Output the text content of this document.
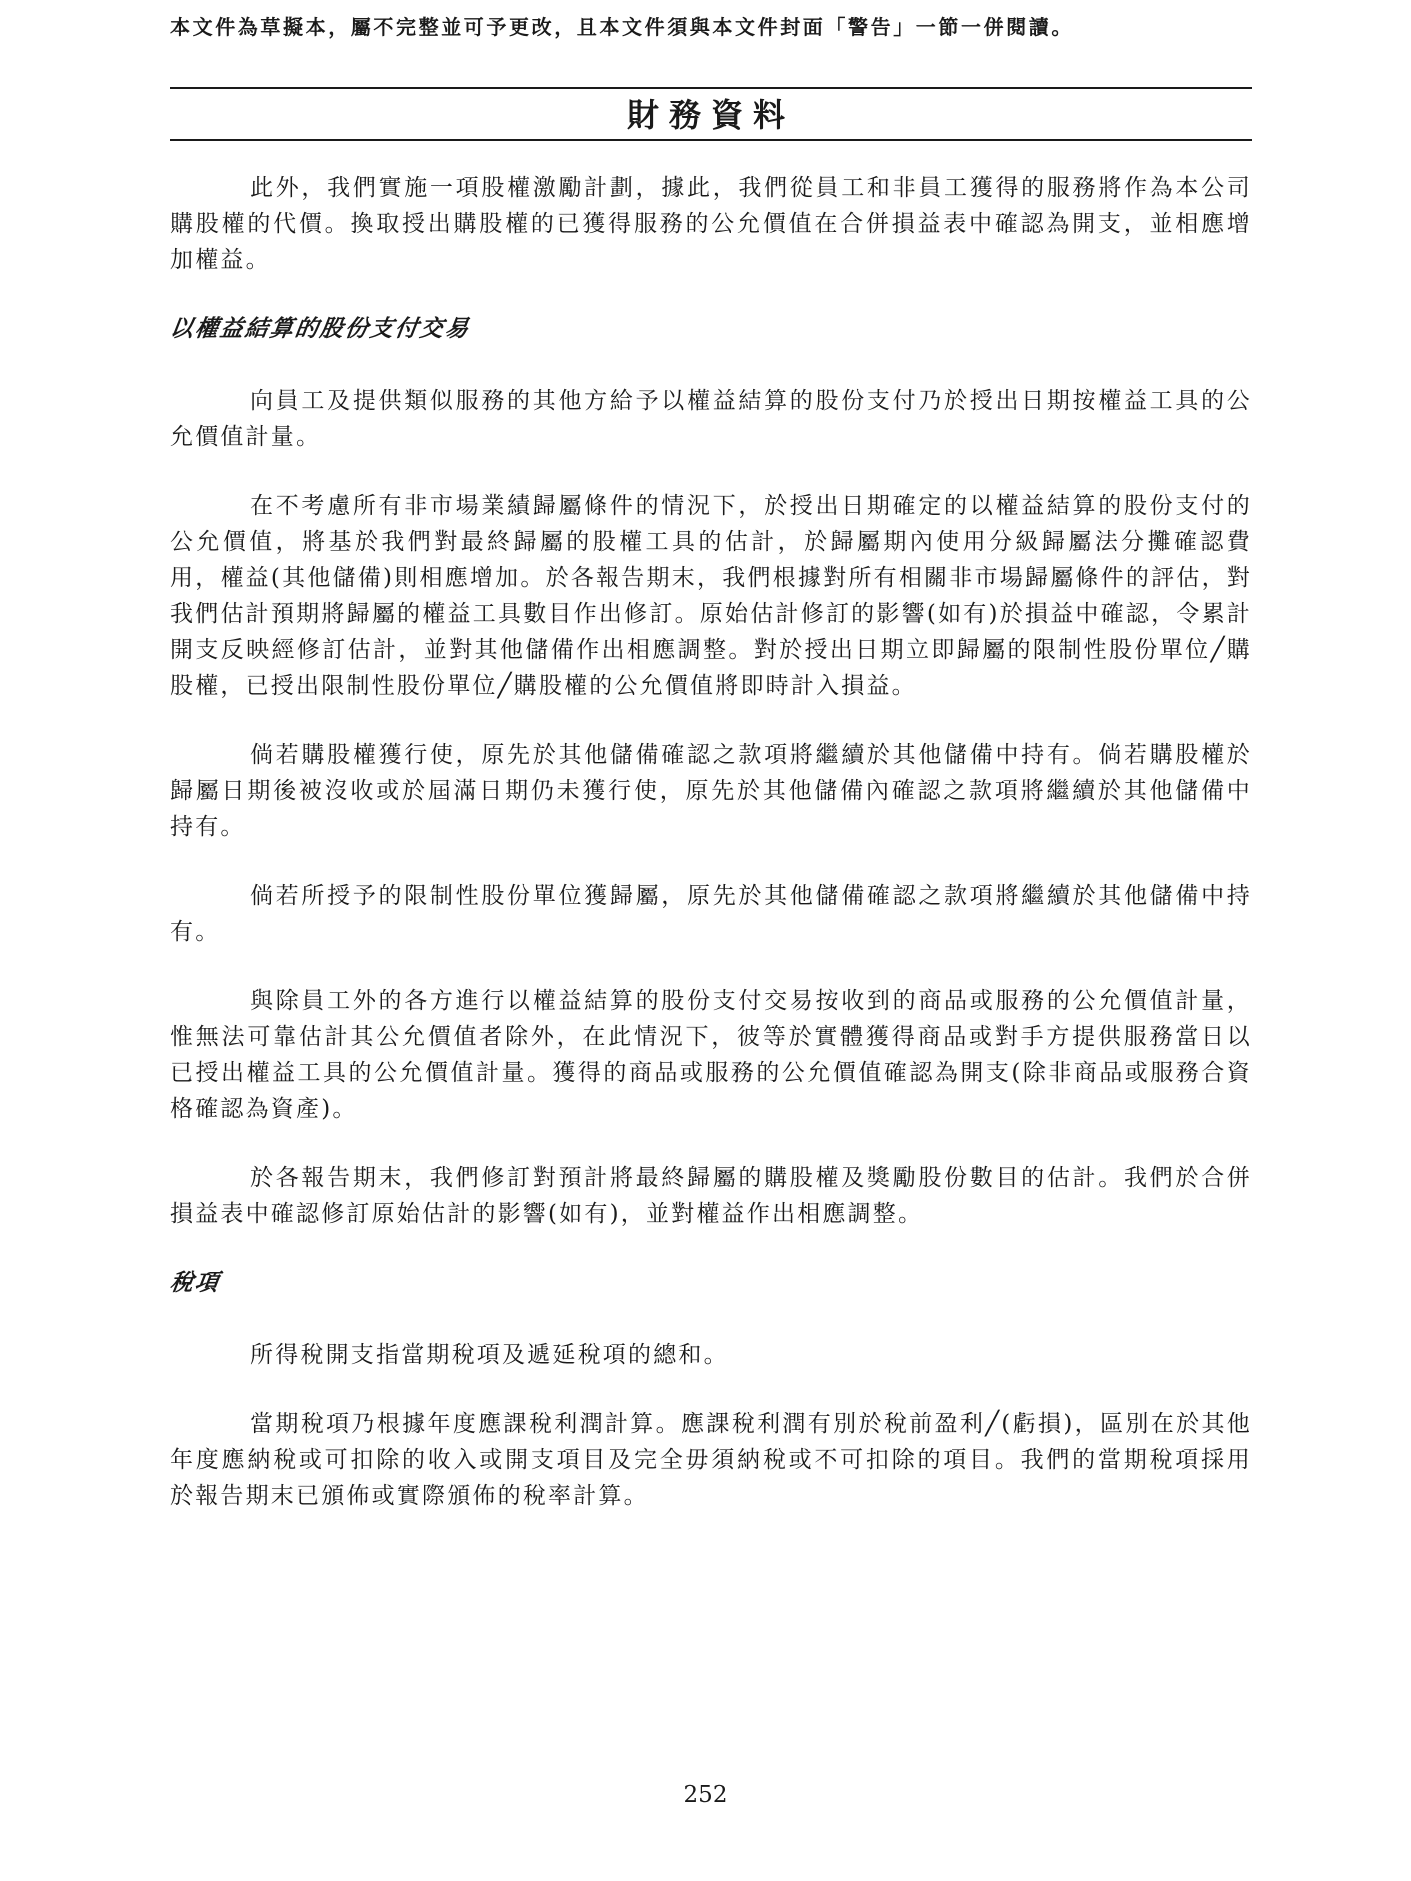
本文件為草擬本，屬不完整並可予更改，且本文件須與本文件封面「警告」一節一併閱讀。
財務資料

此外，我們實施一項股權激勵計劃，據此，我們從員工和非員工獲得的服務將作為本公司購股權的代價。換取授出購股權的已獲得服務的公允價值在合併損益表中確認為開支，並相應增加權益。

以權益結算的股份支付交易

向員工及提供類似服務的其他方給予以權益結算的股份支付乃於授出日期按權益工具的公允價值計量。

在不考慮所有非市場業績歸屬條件的情況下，於授出日期確定的以權益結算的股份支付的公允價值，將基於我們對最終歸屬的股權工具的估計，於歸屬期內使用分級歸屬法分攤確認費用，權益(其他儲備)則相應增加。於各報告期末，我們根據對所有相關非市場歸屬條件的評估，對我們估計預期將歸屬的權益工具數目作出修訂。原始估計修訂的影響(如有)於損益中確認，令累計開支反映經修訂估計，並對其他儲備作出相應調整。對於授出日期立即歸屬的限制性股份單位╱購股權，已授出限制性股份單位╱購股權的公允價值將即時計入損益。

倘若購股權獲行使，原先於其他儲備確認之款項將繼續於其他儲備中持有。倘若購股權於歸屬日期後被沒收或於屆滿日期仍未獲行使，原先於其他儲備內確認之款項將繼續於其他儲備中持有。

倘若所授予的限制性股份單位獲歸屬，原先於其他儲備確認之款項將繼續於其他儲備中持有。

與除員工外的各方進行以權益結算的股份支付交易按收到的商品或服務的公允價值計量，惟無法可靠估計其公允價值者除外，在此情況下，彼等於實體獲得商品或對手方提供服務當日以已授出權益工具的公允價值計量。獲得的商品或服務的公允價值確認為開支(除非商品或服務合資格確認為資產)。

於各報告期末，我們修訂對預計將最終歸屬的購股權及獎勵股份數目的估計。我們於合併損益表中確認修訂原始估計的影響(如有)，並對權益作出相應調整。

稅項

所得稅開支指當期稅項及遞延稅項的總和。

當期稅項乃根據年度應課稅利潤計算。應課稅利潤有別於稅前盈利╱(虧損)，區別在於其他年度應納稅或可扣除的收入或開支項目及完全毋須納稅或不可扣除的項目。我們的當期稅項採用於報告期末已頒佈或實際頒佈的稅率計算。

252
